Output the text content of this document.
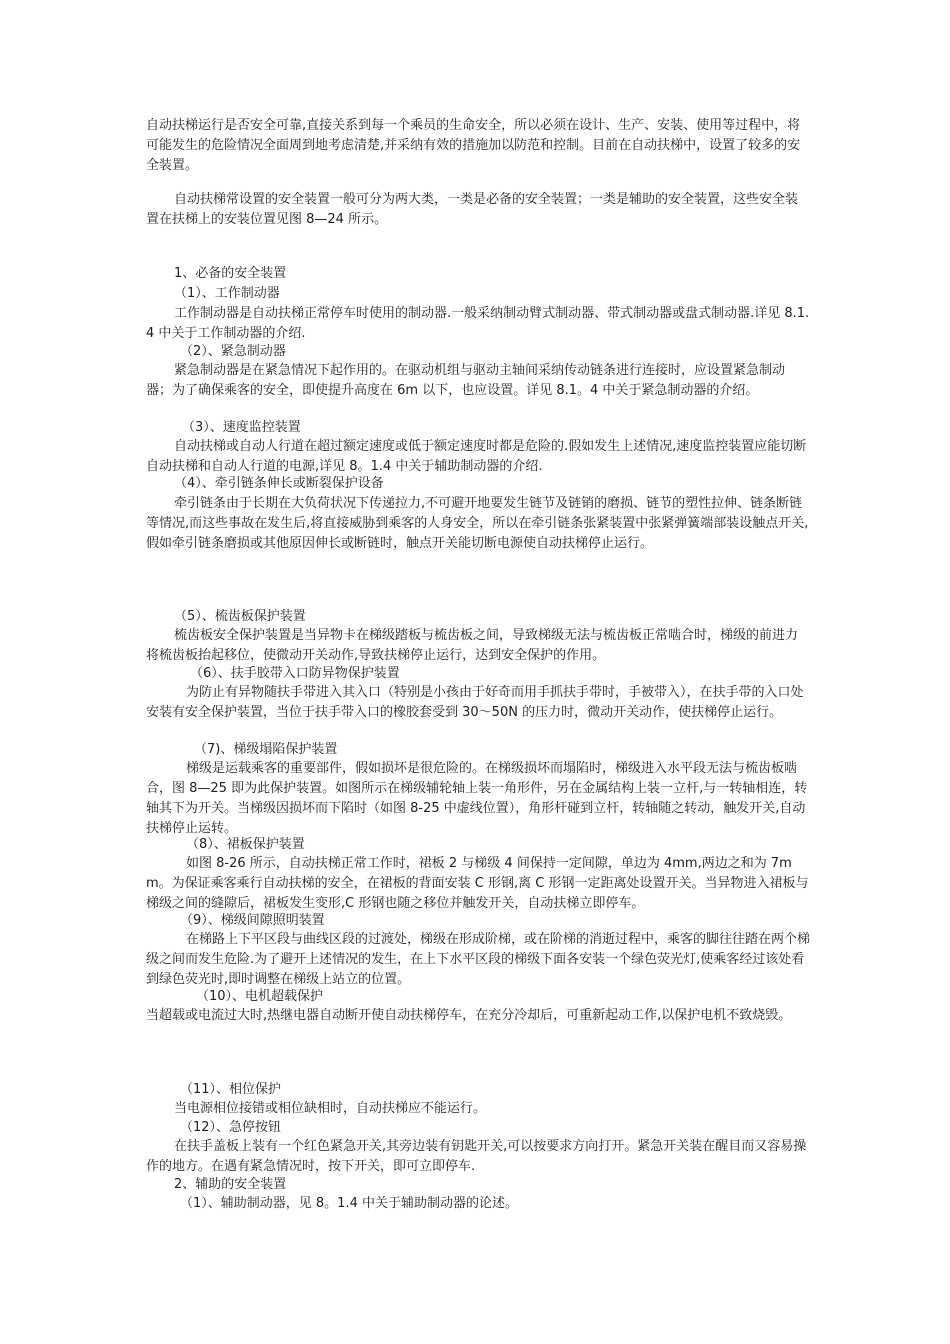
自动扶梯运行是否安全可靠,直接关系到每一个乘员的生命安全，所以必须在设计、生产、安装、使用等过程中，将可能发生的危险情况全面周到地考虑清楚,并采纳有效的措施加以防范和控制。目前在自动扶梯中，设置了较多的安全装置。
自动扶梯常设置的安全装置一般可分为两大类，一类是必备的安全装置；一类是辅助的安全装置，这些安全装置在扶梯上的安装位置见图 8—24 所示。
1、必备的安全装置
（1）、工作制动器
工作制动器是自动扶梯正常停车时使用的制动器.一般采纳制动臂式制动器、带式制动器或盘式制动器.详见 8.1.4 中关于工作制动器的介绍.
（2）、紧急制动器
紧急制动器是在紧急情况下起作用的。在驱动机组与驱动主轴间采纳传动链条进行连接时，应设置紧急制动器；为了确保乘客的安全，即使提升高度在 6m 以下，也应设置。详见 8.1。4 中关于紧急制动器的介绍。
（3）、速度监控装置
自动扶梯或自动人行道在超过额定速度或低于额定速度时都是危险的.假如发生上述情况,速度监控装置应能切断自动扶梯和自动人行道的电源,详见 8。1.4 中关于辅助制动器的介绍.
（4）、牵引链条伸长或断裂保护设备
牵引链条由于长期在大负荷状况下传递拉力,不可避开地要发生链节及链销的磨损、链节的塑性拉伸、链条断链等情况,而这些事故在发生后,将直接威胁到乘客的人身安全，所以在牵引链条张紧装置中张紧弹簧端部装设触点开关,假如牵引链条磨损或其他原因伸长或断链时，触点开关能切断电源使自动扶梯停止运行。
（5）、梳齿板保护装置
梳齿板安全保护装置是当异物卡在梯级踏板与梳齿板之间，导致梯级无法与梳齿板正常啮合时，梯级的前进力将梳齿板抬起移位，使微动开关动作,导致扶梯停止运行，达到安全保护的作用。
（6）、扶手胶带入口防异物保护装置
为防止有异物随扶手带进入其入口（特别是小孩由于好奇而用手抓扶手带时，手被带入），在扶手带的入口处安装有安全保护装置，当位于扶手带入口的橡胶套受到 30～50N 的压力时，微动开关动作，使扶梯停止运行。
（7)、梯级塌陷保护装置
梯级是运载乘客的重要部件，假如损坏是很危险的。在梯级损坏而塌陷时，梯级进入水平段无法与梳齿板啮合，图 8—25 即为此保护装置。如图所示在梯级辅轮轴上装一角形件，另在金属结构上装一立杆,与一转轴相连，转轴其下为开关。当梯级因损坏而下陷时（如图 8-25 中虚线位置），角形杆碰到立杆，转轴随之转动，触发开关,自动扶梯停止运转。
（8）、裙板保护装置
如图 8-26 所示，自动扶梯正常工作时，裙板 2 与梯级 4 间保持一定间隙，单边为 4mm,两边之和为 7mm。为保证乘客乘行自动扶梯的安全，在裙板的背面安装 C 形钢,离 C 形钢一定距离处设置开关。当异物进入裙板与梯级之间的缝隙后，裙板发生变形,C 形钢也随之移位并触发开关，自动扶梯立即停车。
（9）、梯级间隙照明装置
在梯路上下平区段与曲线区段的过渡处，梯级在形成阶梯，或在阶梯的消逝过程中，乘客的脚往往踏在两个梯级之间而发生危险.为了避开上述情况的发生，在上下水平区段的梯级下面各安装一个绿色荧光灯,使乘客经过该处看到绿色荧光时,即时调整在梯级上站立的位置。
（10）、电机超载保护
当超载或电流过大时,热继电器自动断开使自动扶梯停车，在充分冷却后，可重新起动工作,以保护电机不致烧毁。
（11）、相位保护
当电源相位接错或相位缺相时，自动扶梯应不能运行。
（12）、急停按钮
在扶手盖板上装有一个红色紧急开关,其旁边装有钥匙开关,可以按要求方向打开。紧急开关装在醒目而又容易操作的地方。在遇有紧急情况时，按下开关，即可立即停车.
2、辅助的安全装置
（1）、辅助制动器，见 8。1.4 中关于辅助制动器的论述。
